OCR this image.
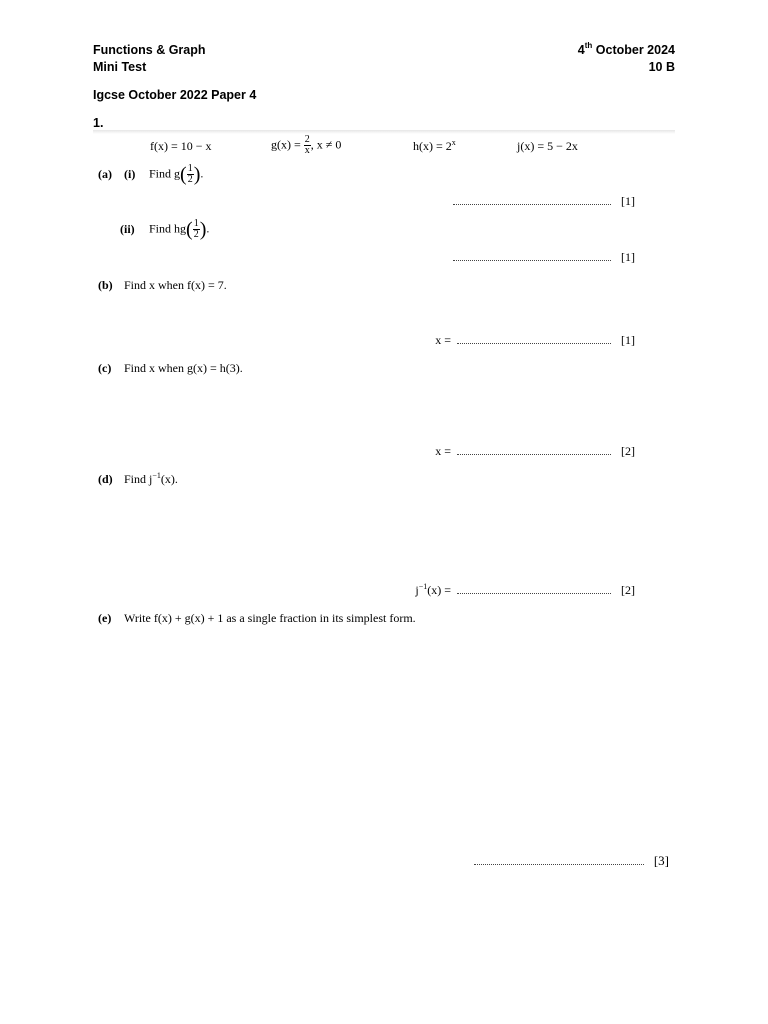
Functions & Graph
Mini Test
4th October 2024
10 B
Igcse October 2022 Paper 4
1.
f(x) = 10 − x	$g(x) = \frac{2}{x}$ , x ≠ 0	$h(x) = 2^x$	j(x) = 5 − 2x
(a) (i) Find $g( \frac{1}{2}$ ).
[1]
(ii) Find $hg( \frac{1}{2}$ ).
[1]
(b) Find x when f(x) = 7.
x =	[1]
(c) Find x when g(x) = h(3).
x =	[2]
(d) Find $j^{-1}(x)$.
$j^{-1}(x)$ =	[2]
(e) Write f(x) + g(x) + 1 as a single fraction in its simplest form.
[3]
